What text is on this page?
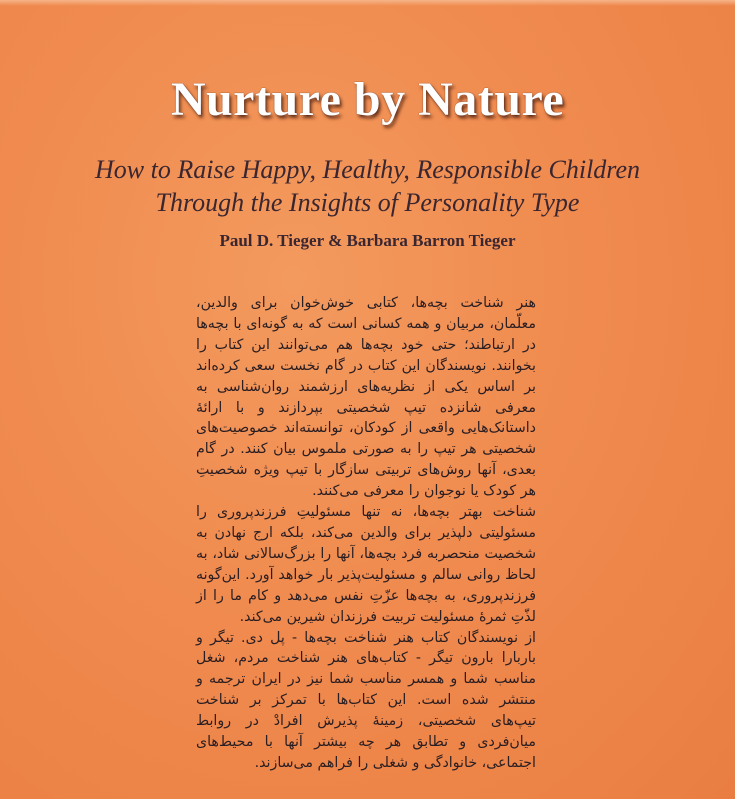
Nurture by Nature
How to Raise Happy, Healthy, Responsible Children
Through the Insights of Personality Type
Paul D. Tieger & Barbara Barron Tieger

هنر شناخت بچه‌ها، کتابی خوش‌خوان برای والدین، معلّمان، مربیان و همه کسانی است که به گونه‌ای با بچه‌ها در ارتباطند؛ حتی خود بچه‌ها هم می‌توانند این کتاب را بخوانند. نویسندگان این کتاب در گام نخست سعی کرده‌اند بر اساس یکی از نظریه‌های ارزشمند روان‌شناسی به معرفی شانزده تیپ شخصیتی بپردازند و با ارائهٔ داستانک‌هایی واقعی از کودکان، توانسته‌اند خصوصیت‌های شخصیتی هر تیپ را به صورتی ملموس بیان کنند. در گام بعدی، آنها روش‌های تربیتی سازگار با تیپ ویژه شخصیتِ هر کودک یا نوجوان را معرفی می‌کنند.

شناخت بهتر بچه‌ها، نه تنها مسئولیتِ فرزندپروری را مسئولیتی دلپذیر برای والدین می‌کند، بلکه ارج نهادن به شخصیت منحصربه فرد بچه‌ها، آنها را بزرگ‌سالانی شاد، به لحاظ روانی سالم و مسئولیت‌پذیر بار خواهد آورد. این‌گونه فرزندپروری، به بچه‌ها عزّتِ نفس می‌دهد و کام ما را از لذّتِ ثمرهٔ مسئولیت تربیت فرزندان شیرین می‌کند.

از نویسندگان کتاب هنر شناخت بچه‌ها - پل دی. تیگر و باربارا بارون تیگر - کتاب‌های هنر شناخت مردم، شغل مناسب شما و همسر مناسب شما نیز در ایران ترجمه و منتشر شده است. این کتاب‌ها با تمرکز بر شناخت تیپ‌های شخصیتی، زمینهٔ پذیرش افرادْ در روابط میان‌فردی و تطابق هر چه بیشتر آنها با محیط‌های اجتماعی، خانوادگی و شغلی را فراهم می‌سازند.
